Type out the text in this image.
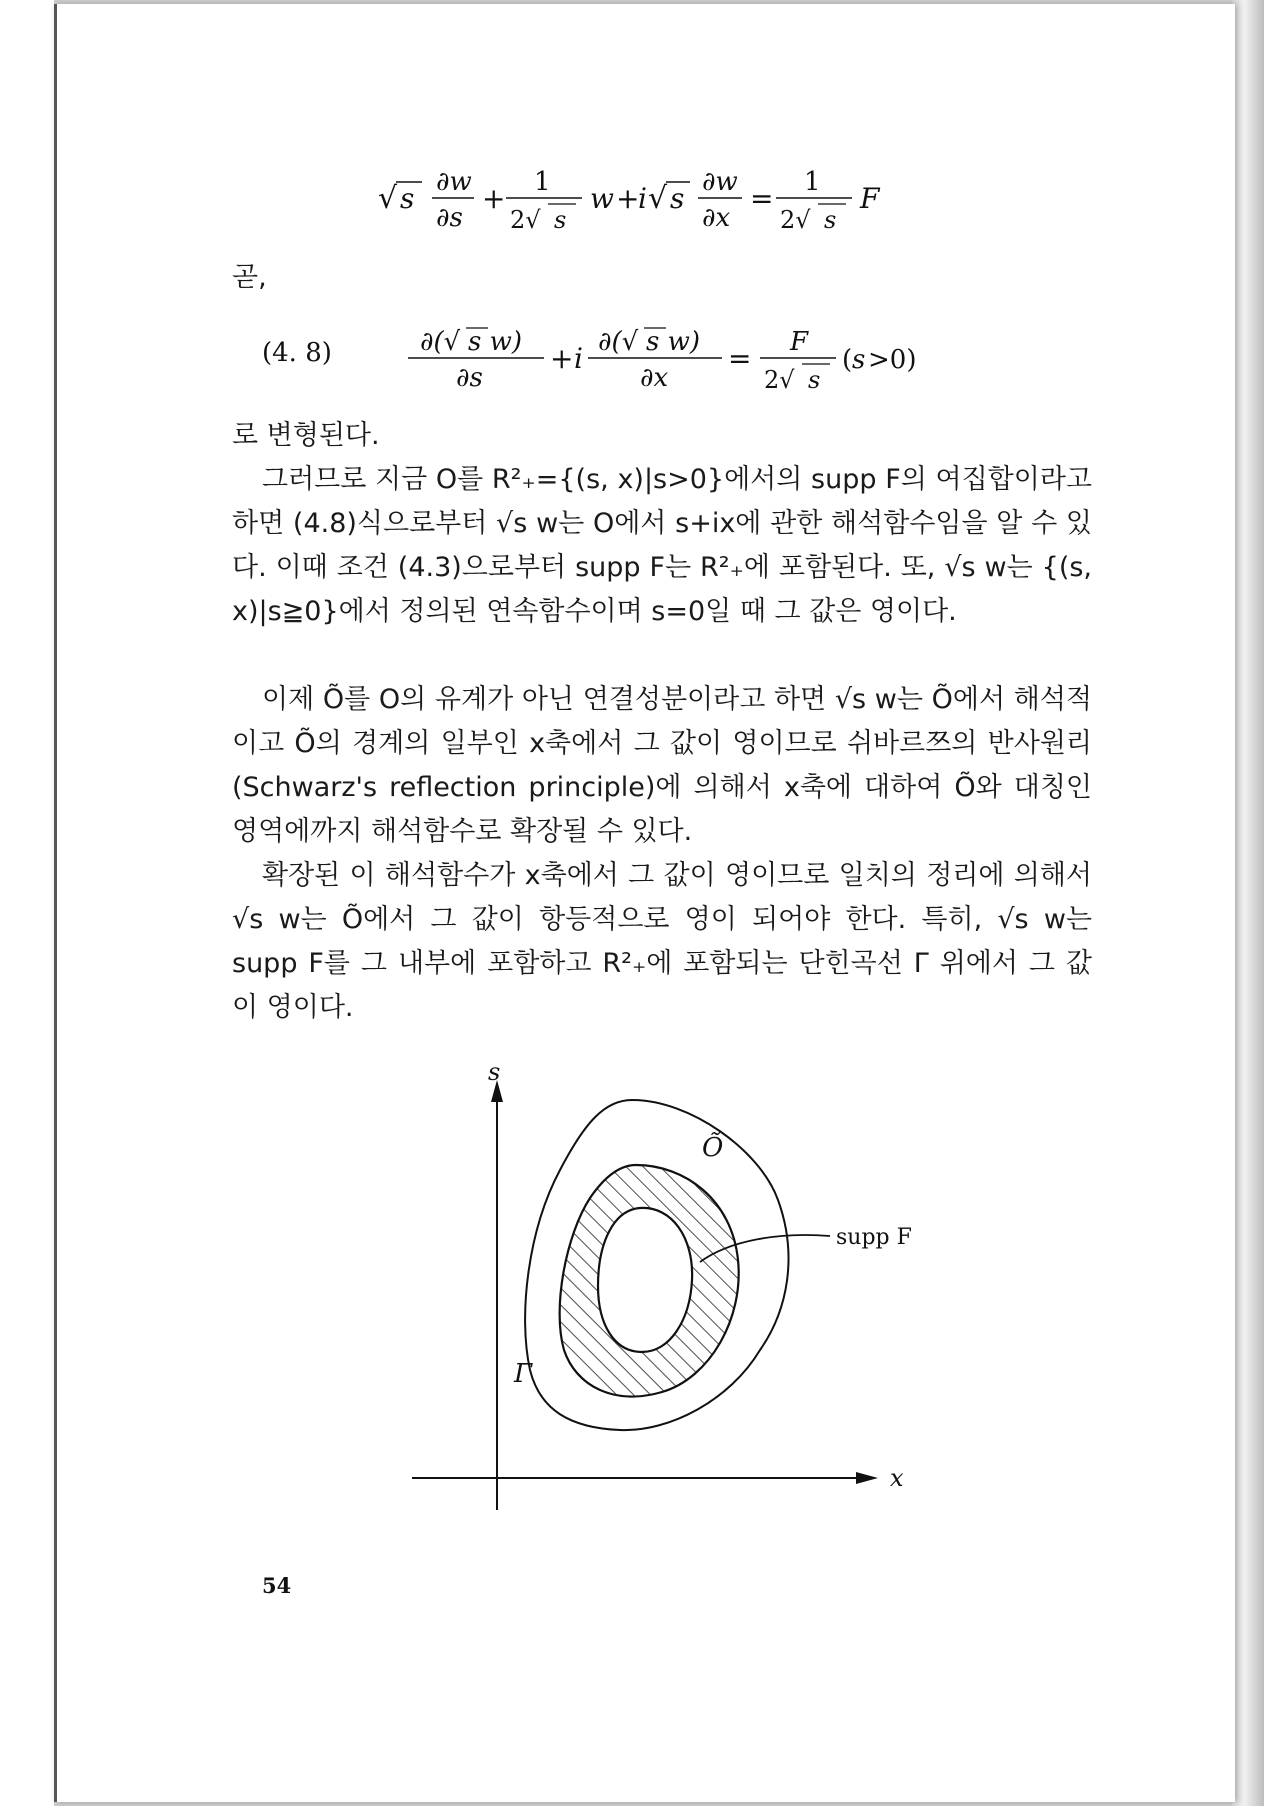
√ s ∂w
∂s
+ 1
2√ s
w +
i √ s ∂w
∂x
= 1
2√ s
F
곧,
(4. 8)	∂(√ s w)
∂s
+ i ∂(√ s w)
∂x
= F
2√ s
( s >0)
로 변형된다.

그러므로 지금 O를 R²₊={(s, x)|s>0}에서의 supp F의 여집합이라고 하면 (4.8)식으로부터 √s w는 O에서 s+ix에 관한 해석함수임을 알 수 있다. 이때 조건 (4.3)으로부터 supp F는 R²₊에 포함된다. 또, √s w는 {(s, x)|s≧0}에서 정의된 연속함수이며 s=0일 때 그 값은 영이다.

이제 Õ를 O의 유계가 아닌 연결성분이라고 하면 √s w는 Õ에서 해석적이고 Õ의 경계의 일부인 x축에서 그 값이 영이므로 쉬바르쯔의 반사원리(Schwarz's reflection principle)에 의해서 x축에 대하여 Õ와 대칭인 영역에까지 해석함수로 확장될 수 있다.

확장된 이 해석함수가 x축에서 그 값이 영이므로 일치의 정리에 의해서 √s w는 Õ에서 그 값이 항등적으로 영이 되어야 한다. 특히, √s w는 supp F를 그 내부에 포함하고 R²₊에 포함되는 단힌곡선 Γ 위에서 그 값이 영이다.

s
x
Õ
supp F
Γ
54
